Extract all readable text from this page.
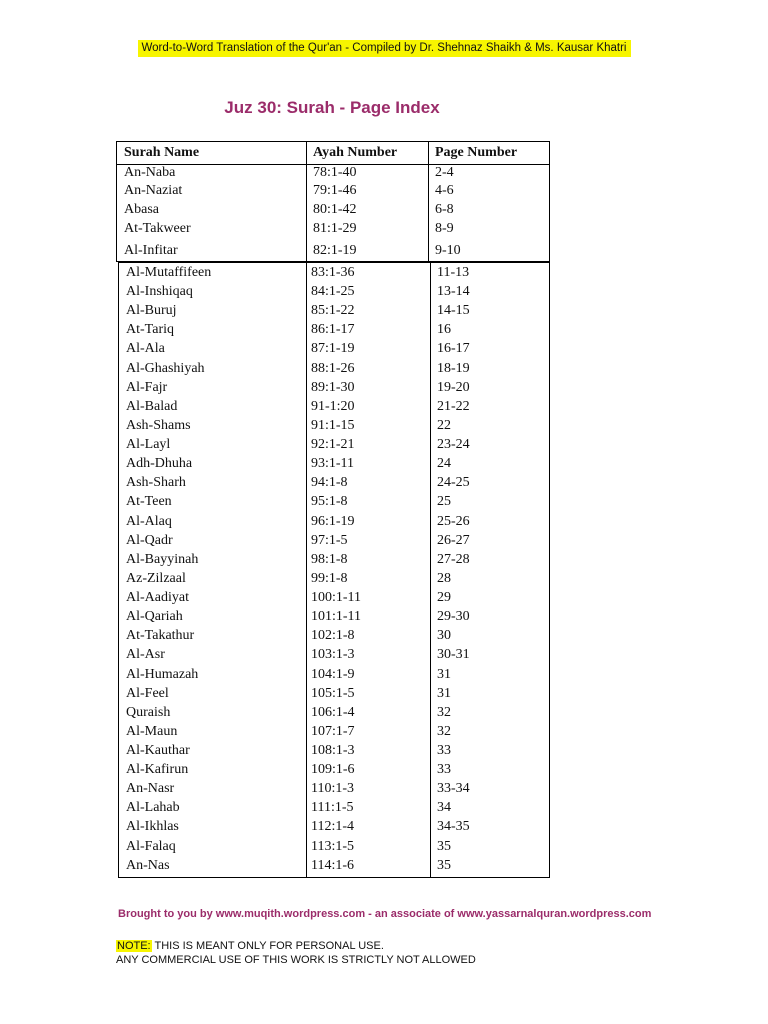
Word-to-Word Translation of the Qur'an - Compiled by Dr. Shehnaz Shaikh & Ms. Kausar Khatri
Juz 30: Surah - Page Index
Surah Name	Ayah Number	Page Number
An-Naba	78:1-40	2-4
An-Naziat	79:1-46	4-6
Abasa	80:1-42	6-8
At-Takweer	81:1-29	8-9
Al-Infitar	82:1-19	9-10
Al-Mutaffifeen	83:1-36	11-13
Al-Inshiqaq	84:1-25	13-14
Al-Buruj	85:1-22	14-15
At-Tariq	86:1-17	16
Al-Ala	87:1-19	16-17
Al-Ghashiyah	88:1-26	18-19
Al-Fajr	89:1-30	19-20
Al-Balad	91-1:20	21-22
Ash-Shams	91:1-15	22
Al-Layl	92:1-21	23-24
Adh-Dhuha	93:1-11	24
Ash-Sharh	94:1-8	24-25
At-Teen	95:1-8	25
Al-Alaq	96:1-19	25-26
Al-Qadr	97:1-5	26-27
Al-Bayyinah	98:1-8	27-28
Az-Zilzaal	99:1-8	28
Al-Aadiyat	100:1-11	29
Al-Qariah	101:1-11	29-30
At-Takathur	102:1-8	30
Al-Asr	103:1-3	30-31
Al-Humazah	104:1-9	31
Al-Feel	105:1-5	31
Quraish	106:1-4	32
Al-Maun	107:1-7	32
Al-Kauthar	108:1-3	33
Al-Kafirun	109:1-6	33
An-Nasr	110:1-3	33-34
Al-Lahab	111:1-5	34
Al-Ikhlas	112:1-4	34-35
Al-Falaq	113:1-5	35
An-Nas	114:1-6	35
Brought to you by www.muqith.wordpress.com - an associate of www.yassarnalquran.wordpress.com
NOTE: THIS IS MEANT ONLY FOR PERSONAL USE.
ANY COMMERCIAL USE OF THIS WORK IS STRICTLY NOT ALLOWED
